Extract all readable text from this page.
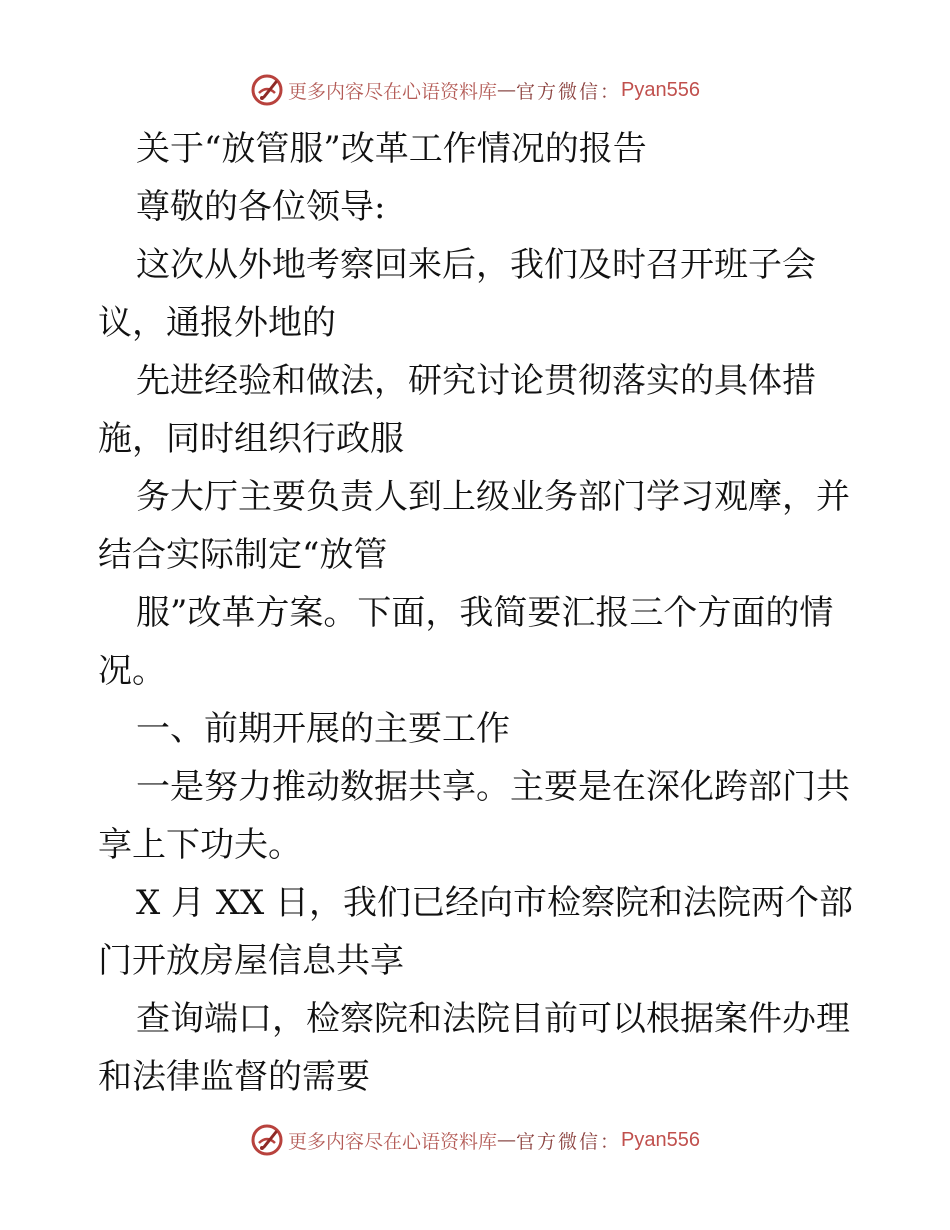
更多内容尽在心语资料库 — 官方微信： Pyan556
关于“放管服”改革工作情况的报告
尊敬的各位领导:
这次从外地考察回来后，我们及时召开班子会
议，通报外地的
先进经验和做法，研究讨论贯彻落实的具体措
施，同时组织行政服
务大厅主要负责人到上级业务部门学习观摩，并
结合实际制定“放管
服”改革方案。下面，我简要汇报三个方面的情
况。
一、前期开展的主要工作
一是努力推动数据共享。主要是在深化跨部门共
享上下功夫。
X 月 XX 日，我们已经向市检察院和法院两个部
门开放房屋信息共享
查询端口，检察院和法院目前可以根据案件办理
和法律监督的需要
更多内容尽在心语资料库 — 官方微信： Pyan556
